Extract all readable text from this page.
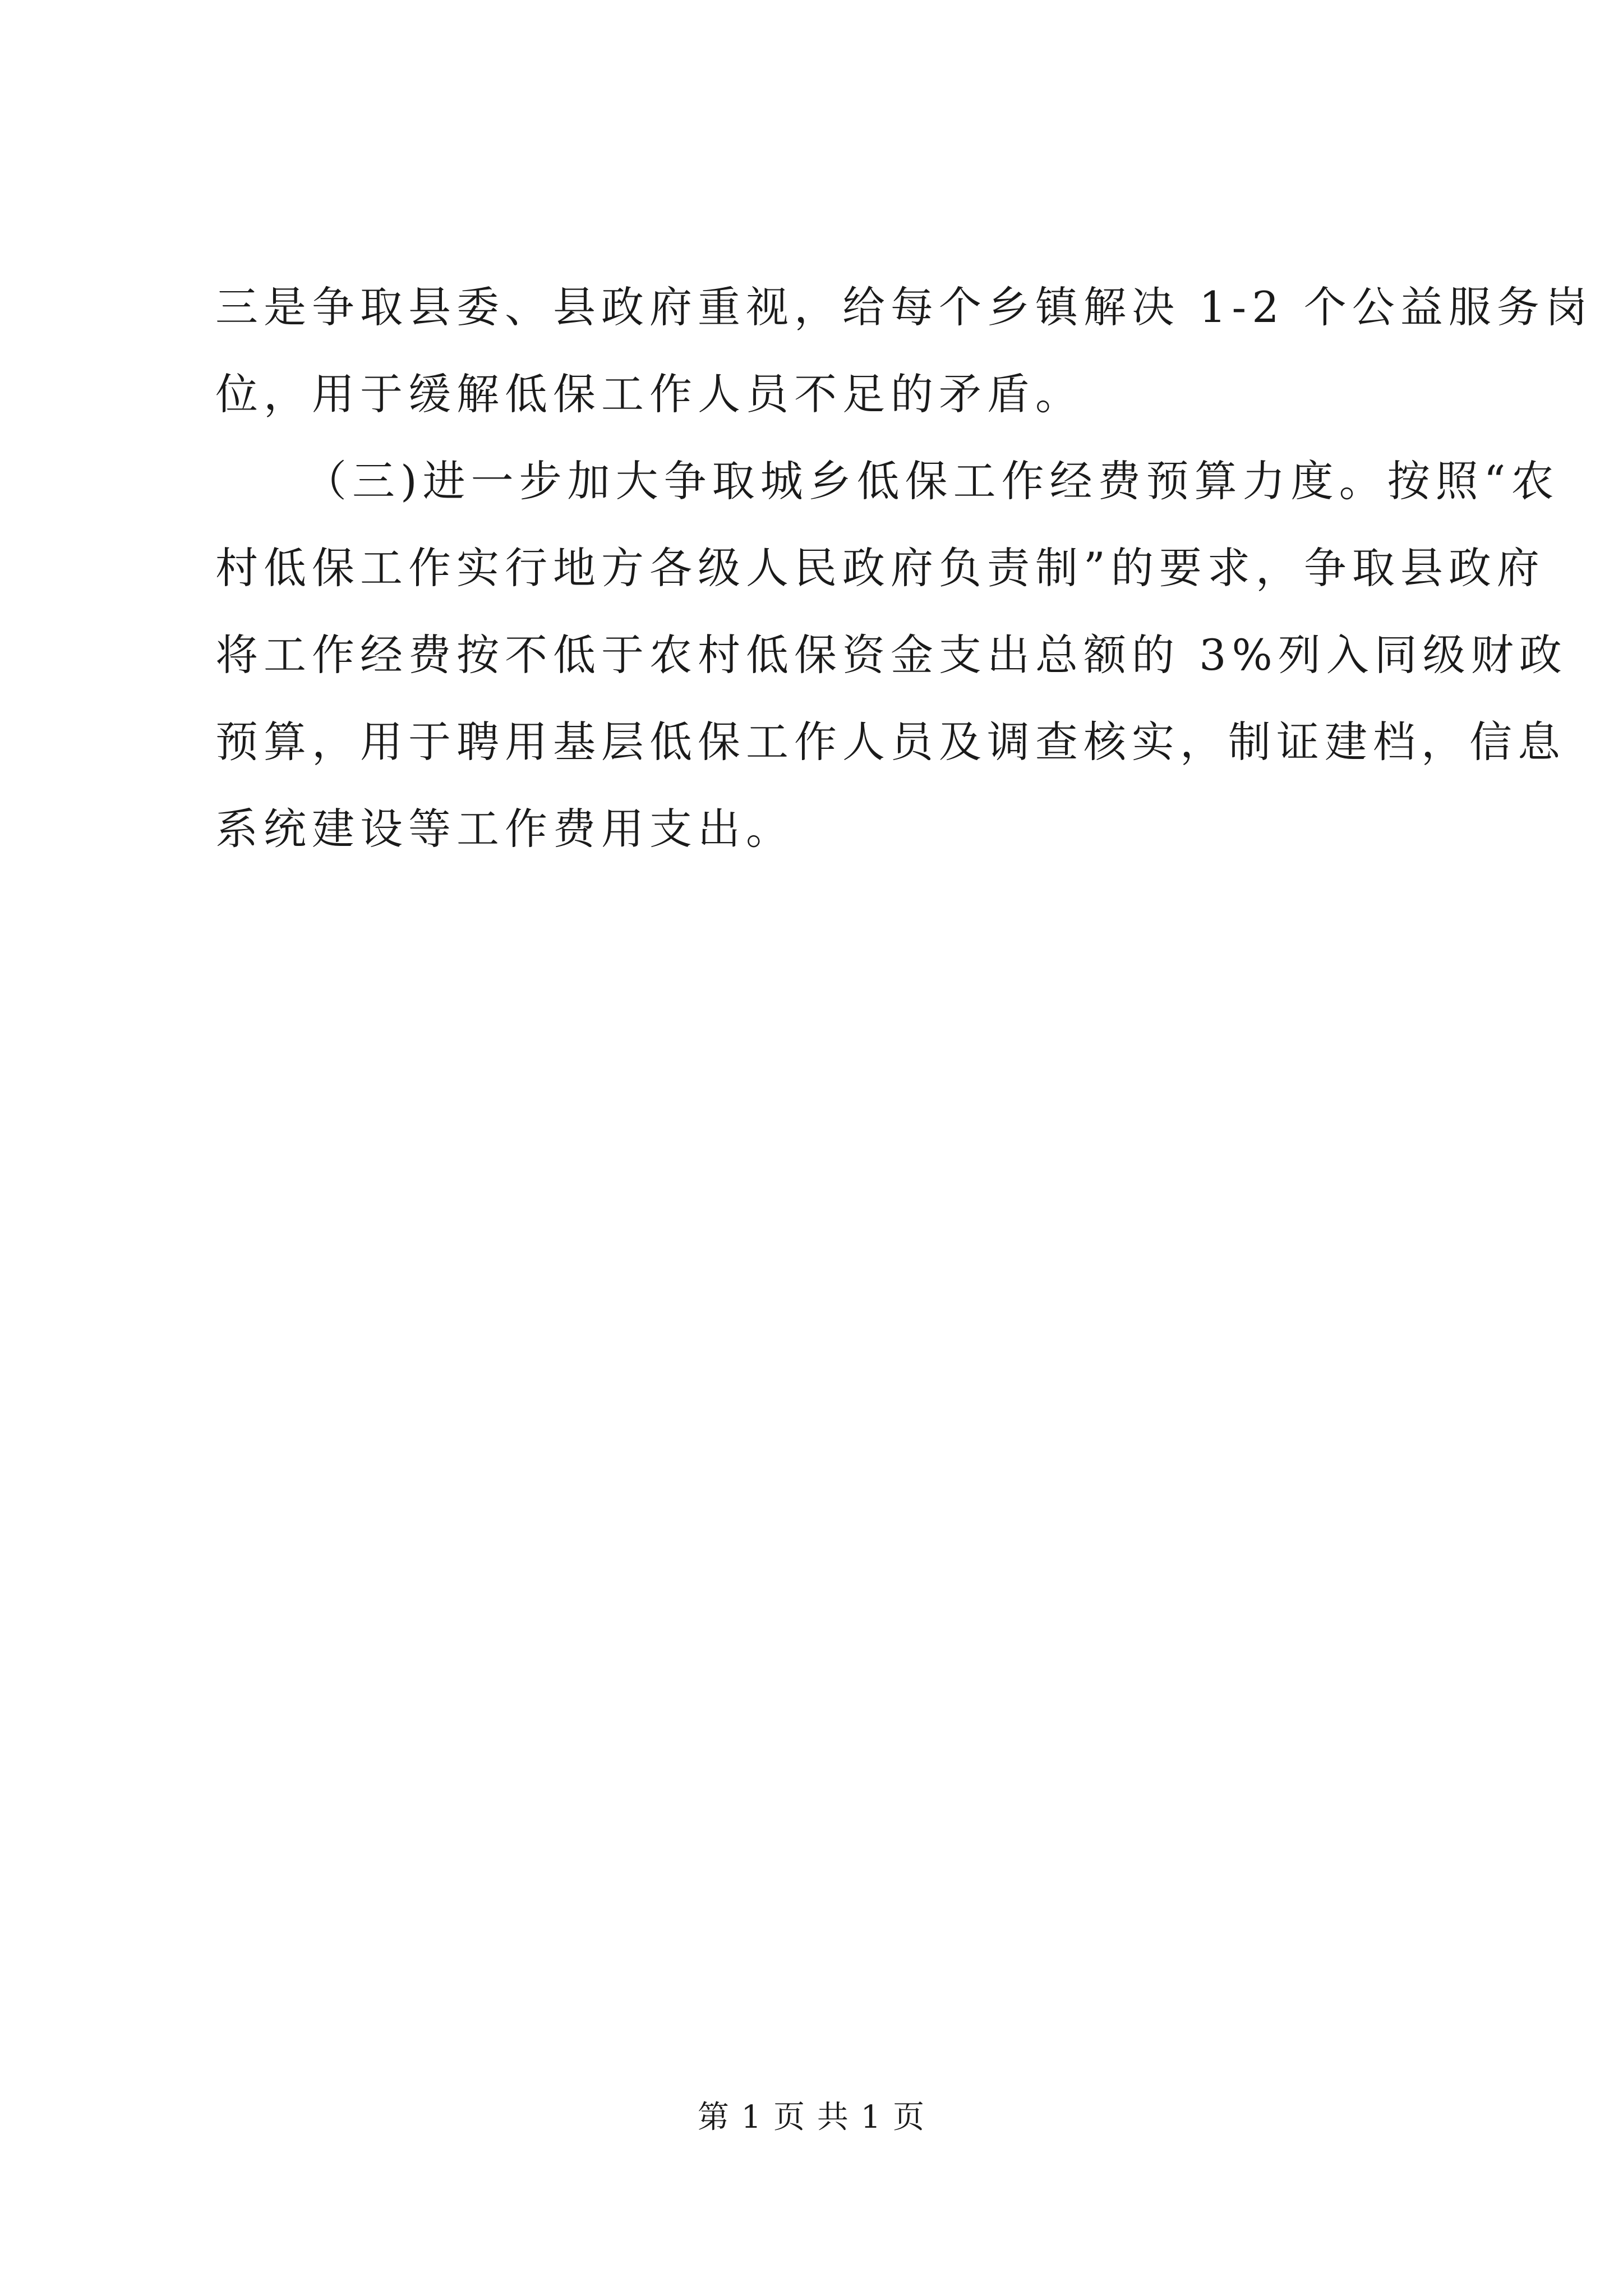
三是争取县委、县政府重视，给每个乡镇解决 1-2 个公益服务岗
位，用于缓解低保工作人员不足的矛盾。
（三)进一步加大争取城乡低保工作经费预算力度。按照“农
村低保工作实行地方各级人民政府负责制”的要求，争取县政府
将工作经费按不低于农村低保资金支出总额的 3%列入同级财政
预算，用于聘用基层低保工作人员及调查核实，制证建档，信息
系统建设等工作费用支出。
第 1 页 共 1 页
